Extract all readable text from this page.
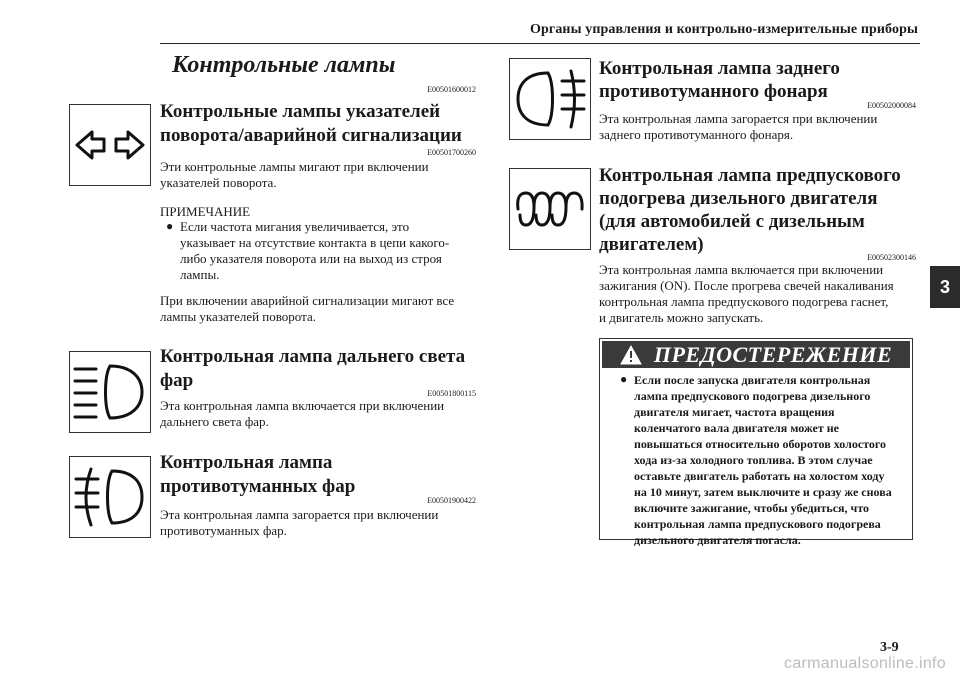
Органы управления и контрольно-измерительные приборы
Контрольные лампы
E00501600012
Контрольные лампы указателей
поворота/аварийной сигнализации
E00501700260
Эти контрольные лампы мигают при включении
указателей поворота.
ПРИМЕЧАНИЕ
● Если частота мигания увеличивается, это
указывает на отсутствие контакта в цепи какого-
либо указателя поворота или на выход из строя
лампы.
При включении аварийной сигнализации мигают все
лампы указателей поворота.
Контрольная лампа дальнего света
фар
E00501800115
Эта контрольная лампа включается при включении
дальнего света фар.
Контрольная лампа
противотуманных фар
E00501900422
Эта контрольная лампа загорается при включении
противотуманных фар.
Контрольная лампа заднего
противотуманного фонаря
E00502000084
Эта контрольная лампа загорается при включении
заднего противотуманного фонаря.
Контрольная лампа предпускового
подогрева дизельного двигателя
(для автомобилей с дизельным
двигателем)
E00502300146
Эта контрольная лампа включается при включении
зажигания (ON). После прогрева свечей накаливания
контрольная лампа предпускового подогрева гаснет,
и двигатель можно запускать.
ПРЕДОСТЕРЕЖЕНИЕ
● Если после запуска двигателя контрольная
лампа предпускового подогрева дизельного
двигателя мигает, частота вращения
коленчатого вала двигателя может не
повышаться относительно оборотов холостого
хода из-за холодного топлива. В этом случае
оставьте двигатель работать на холостом ходу
на 10 минут, затем выключите и сразу же снова
включите зажигание, чтобы убедиться, что
контрольная лампа предпускового подогрева
дизельного двигателя погасла.
3
3-9
carmanualsonline.info
